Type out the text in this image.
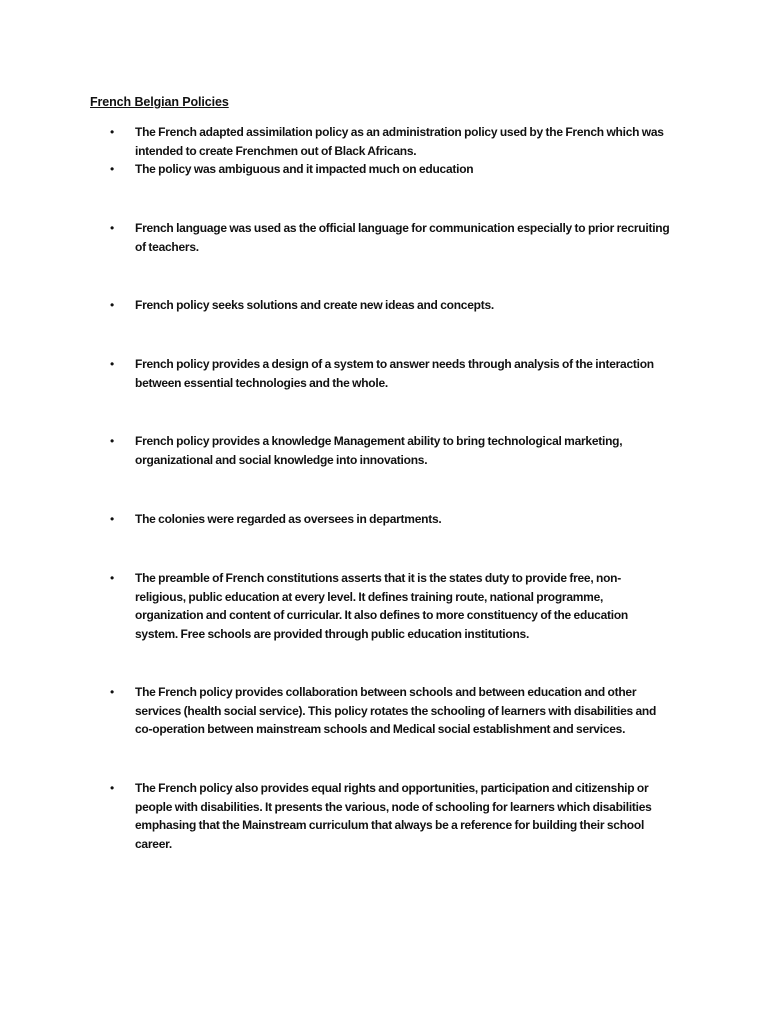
French Belgian Policies
•	The French adapted assimilation policy as an administration policy used by the French which was intended to create Frenchmen out of Black Africans.
•	The policy was ambiguous and it impacted much on education
•	French language was used as the official language for communication especially to prior recruiting of teachers.
•	French policy seeks solutions and create new ideas and concepts.
•	French policy provides a design of a system to answer needs through analysis of the interaction between essential technologies and the whole.
•	French policy provides a knowledge Management ability to bring technological marketing, organizational and social knowledge into innovations.
•	The colonies were regarded as oversees in departments.
•	The preamble of French constitutions asserts that it is the states duty to provide free, non-religious, public education at every level. It defines training route, national programme, organization and content of curricular. It also defines to more constituency of the education system. Free schools are provided through public education institutions.
•	The French policy provides collaboration between schools and between education and other services (health social service). This policy rotates the schooling of learners with disabilities and co-operation between mainstream schools and Medical social establishment and services.
•	The French policy also provides equal rights and opportunities, participation and citizenship or people with disabilities. It presents the various, node of schooling for learners which disabilities emphasing that the Mainstream curriculum that always be a reference for building their school career.
